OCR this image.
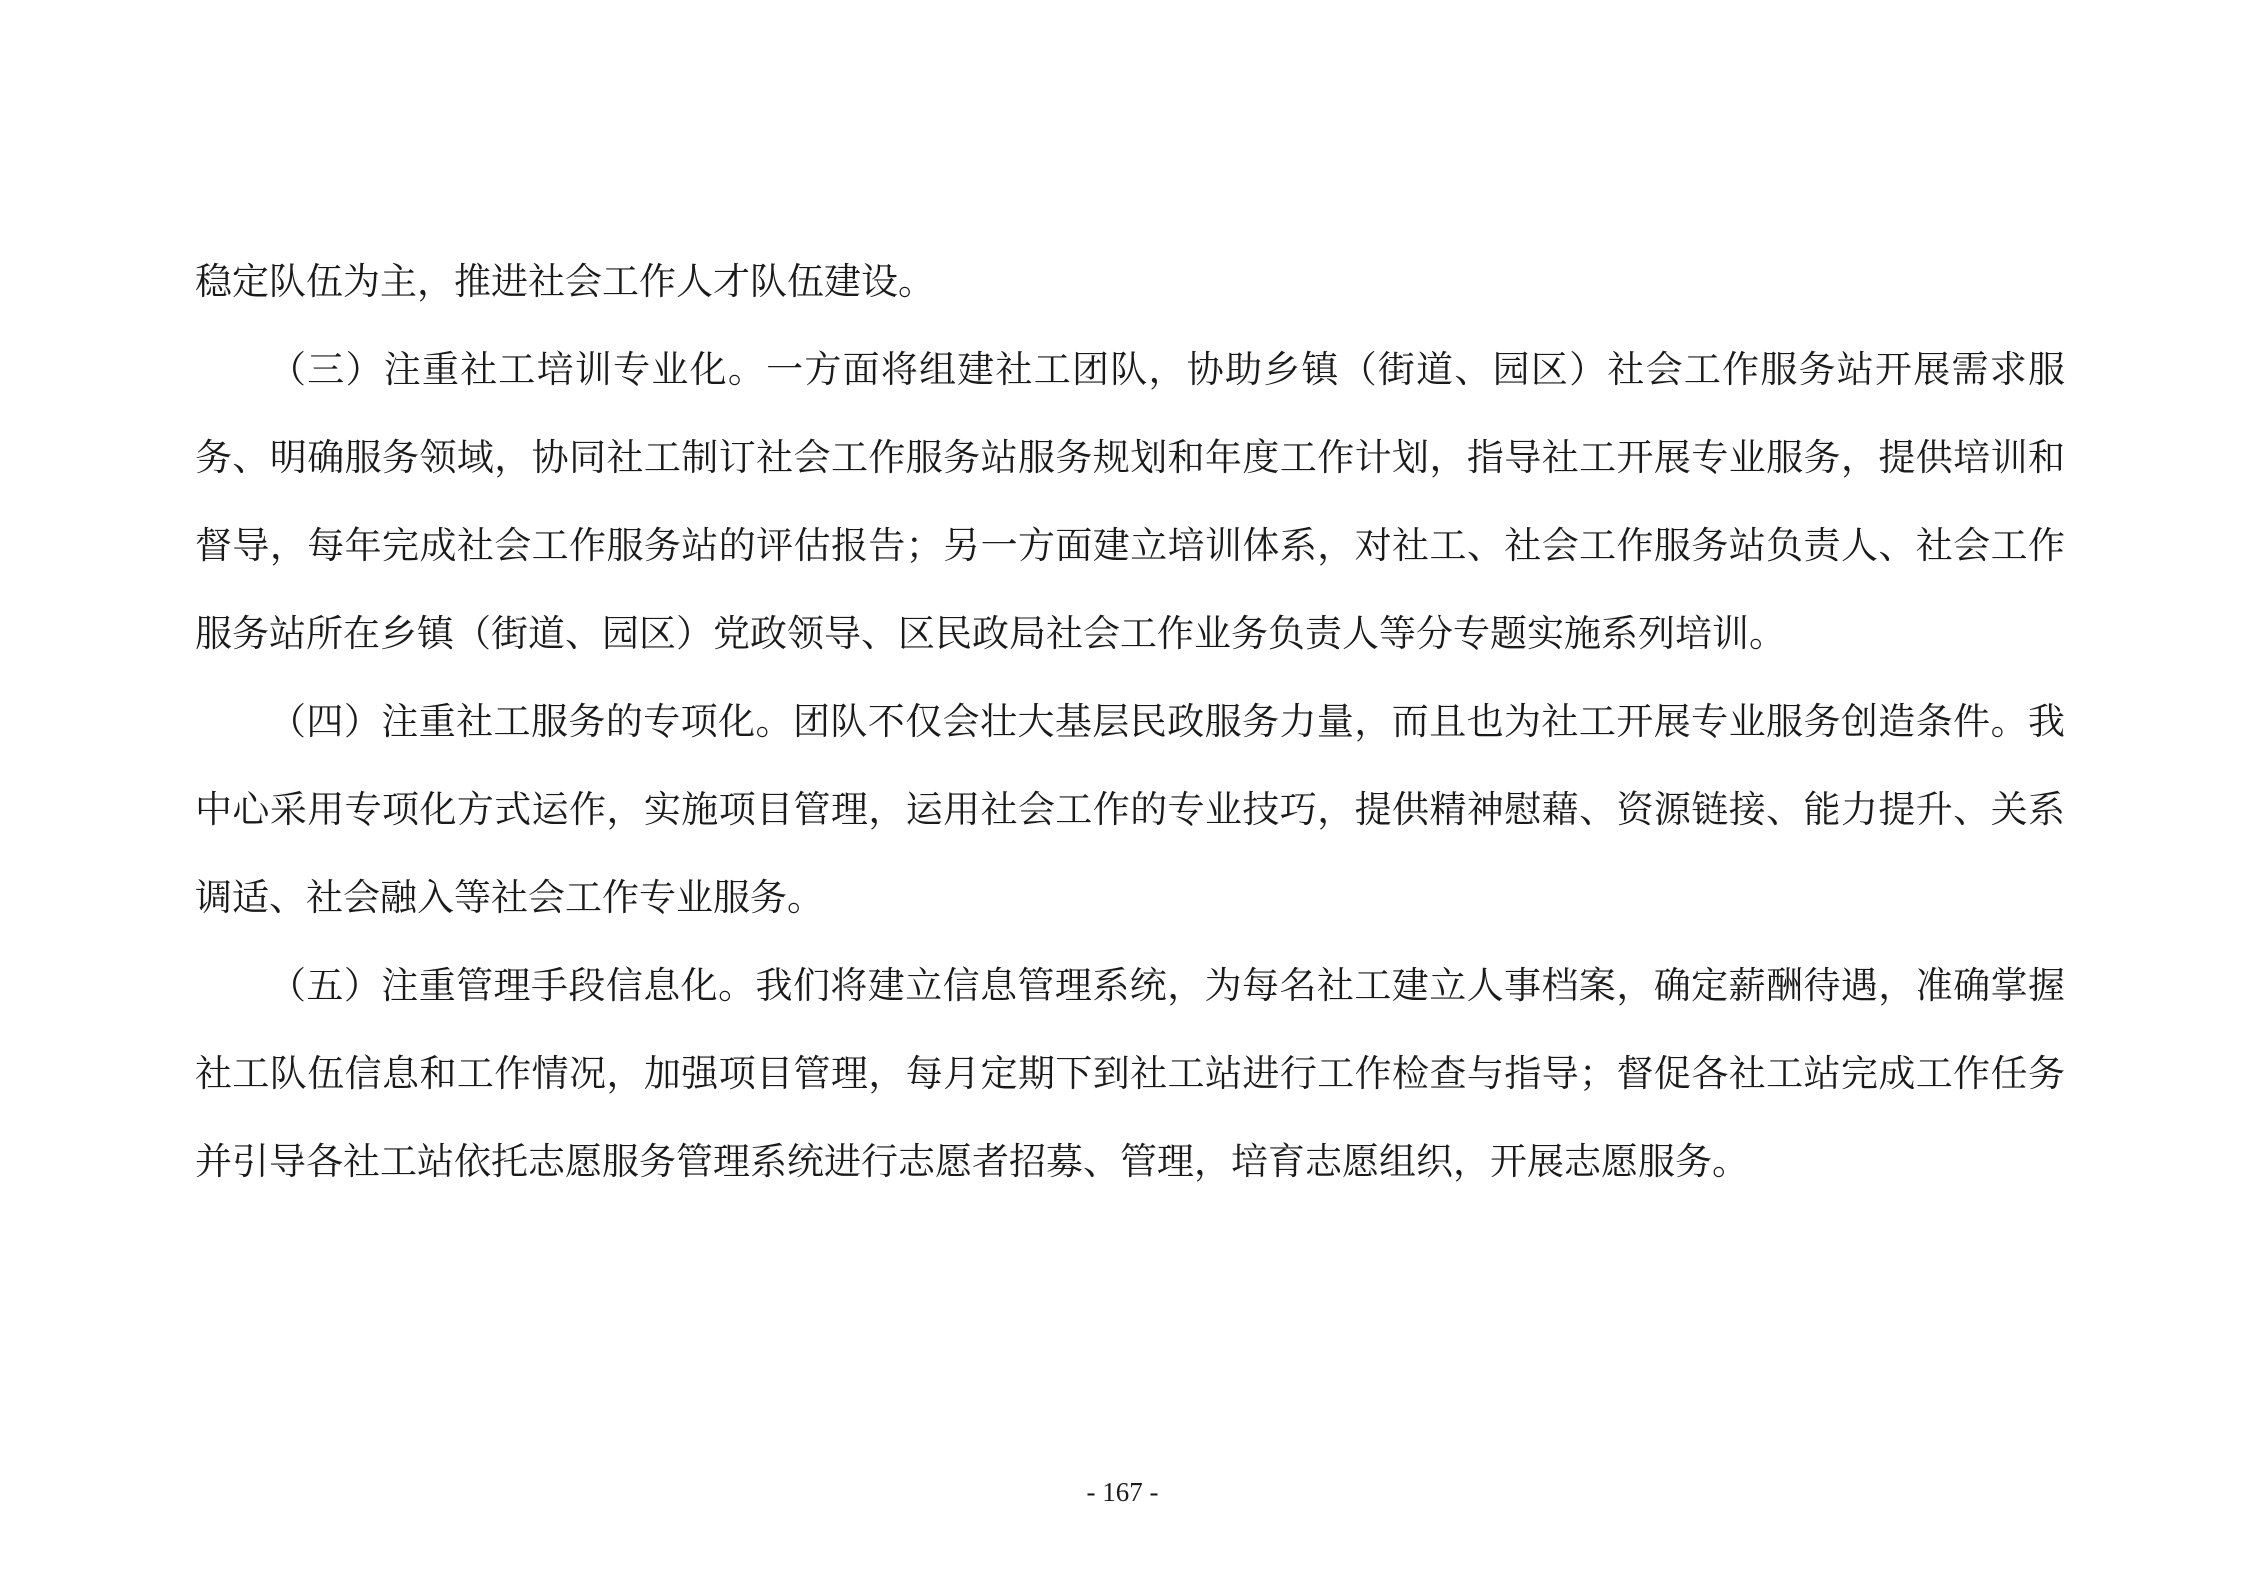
稳定队伍为主，推进社会工作人才队伍建设。

（三）注重社工培训专业化。一方面将组建社工团队，协助乡镇（街道、园区）社会工作服务站开展需求服务、明确服务领域，协同社工制订社会工作服务站服务规划和年度工作计划，指导社工开展专业服务，提供培训和督导，每年完成社会工作服务站的评估报告；另一方面建立培训体系，对社工、社会工作服务站负责人、社会工作服务站所在乡镇（街道、园区）党政领导、区民政局社会工作业务负责人等分专题实施系列培训。

（四）注重社工服务的专项化。团队不仅会壮大基层民政服务力量，而且也为社工开展专业服务创造条件。我中心采用专项化方式运作，实施项目管理，运用社会工作的专业技巧，提供精神慰藉、资源链接、能力提升、关系调适、社会融入等社会工作专业服务。

（五）注重管理手段信息化。我们将建立信息管理系统，为每名社工建立人事档案，确定薪酬待遇，准确掌握社工队伍信息和工作情况，加强项目管理，每月定期下到社工站进行工作检查与指导；督促各社工站完成工作任务并引导各社工站依托志愿服务管理系统进行志愿者招募、管理，培育志愿组织，开展志愿服务。

- 167 -
